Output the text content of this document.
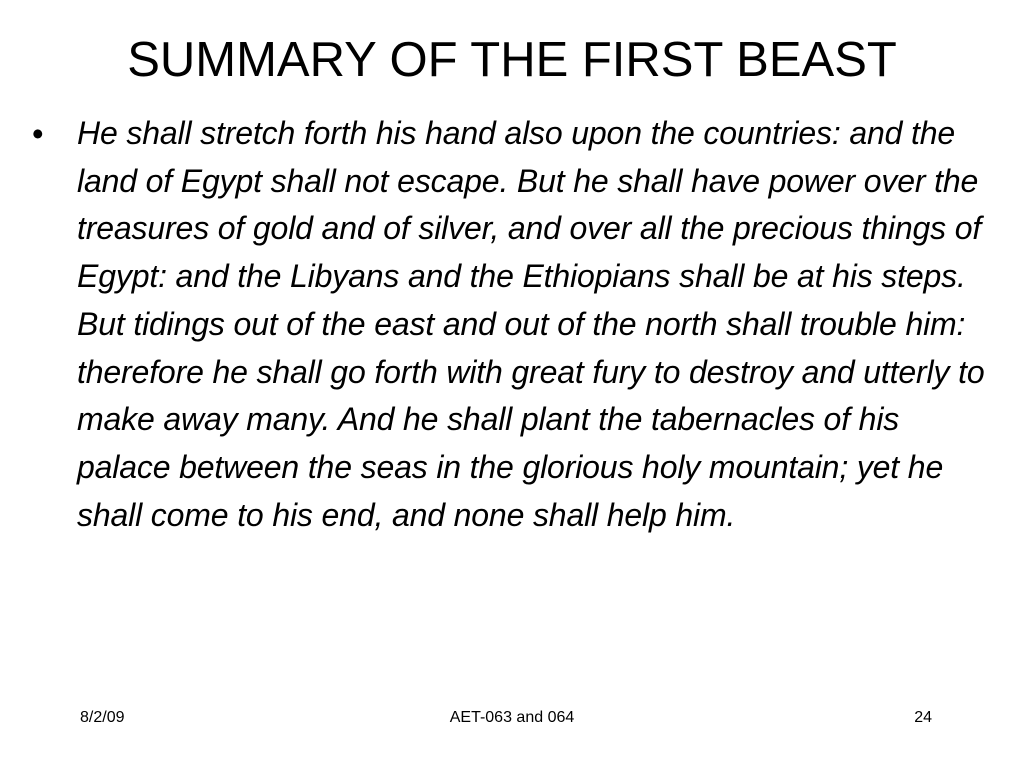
SUMMARY OF THE FIRST BEAST
• He shall stretch forth his hand also upon the countries: and the land of Egypt shall not escape. But he shall have power over the treasures of gold and of silver, and over all the precious things of Egypt: and the Libyans and the Ethiopians shall be at his steps. But tidings out of the east and out of the north shall trouble him: therefore he shall go forth with great fury to destroy and utterly to make away many. And he shall plant the tabernacles of his palace between the seas in the glorious holy mountain; yet he shall come to his end, and none shall help him.

8/2/09	AET-063 and 064	24
